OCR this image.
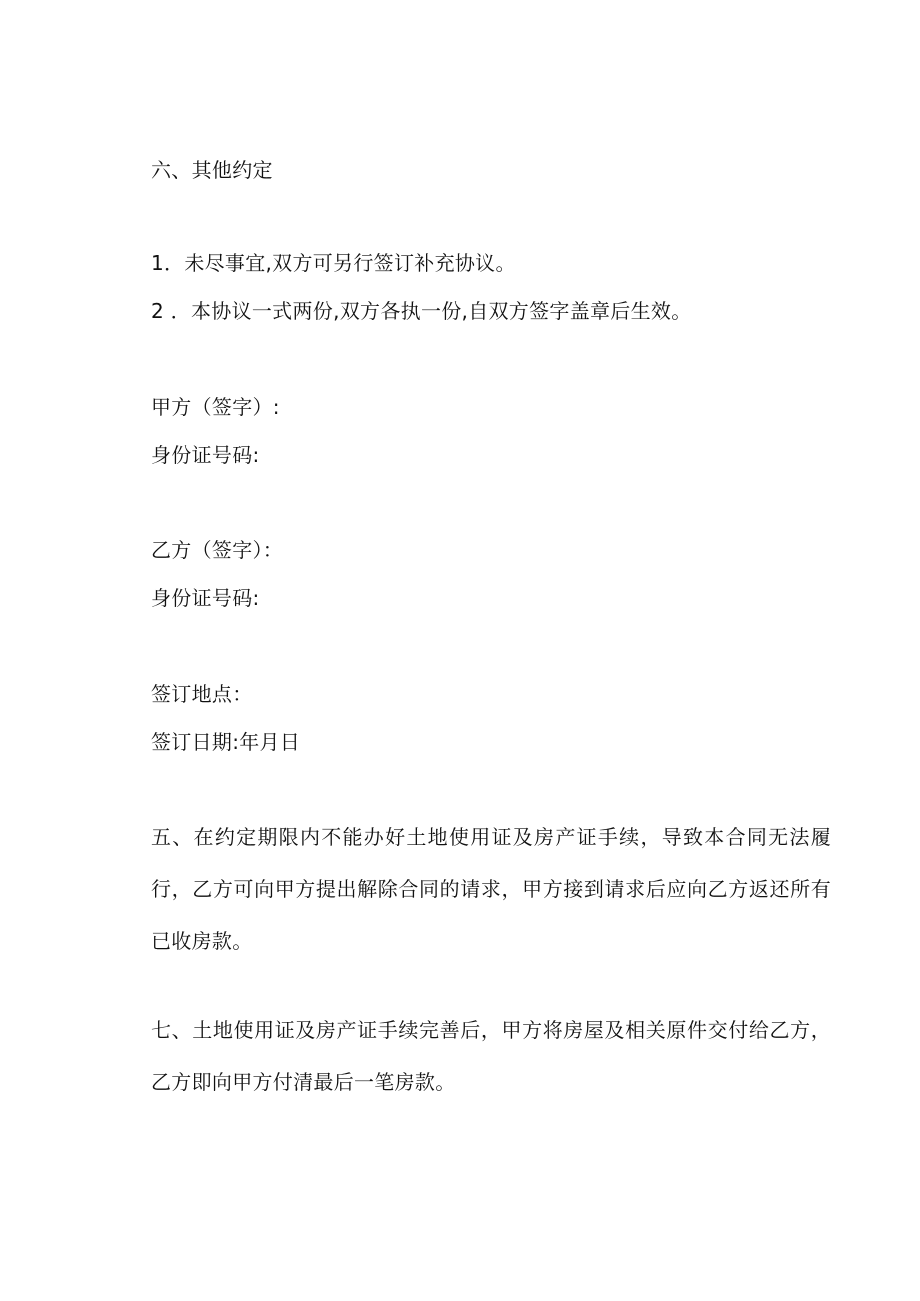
六、其他约定
1．未尽事宜,双方可另行签订补充协议。
2 ．本协议一式两份,双方各执一份,自双方签字盖章后生效。
甲方（签字）:
身份证号码:
乙方（签字）：
身份证号码:
签订地点：
签订日期:年月日
五、在约定期限内不能办好土地使用证及房产证手续，导致本合同无法履行，乙方可向甲方提出解除合同的请求，甲方接到请求后应向乙方返还所有已收房款。
七、土地使用证及房产证手续完善后，甲方将房屋及相关原件交付给乙方，乙方即向甲方付清最后一笔房款。
